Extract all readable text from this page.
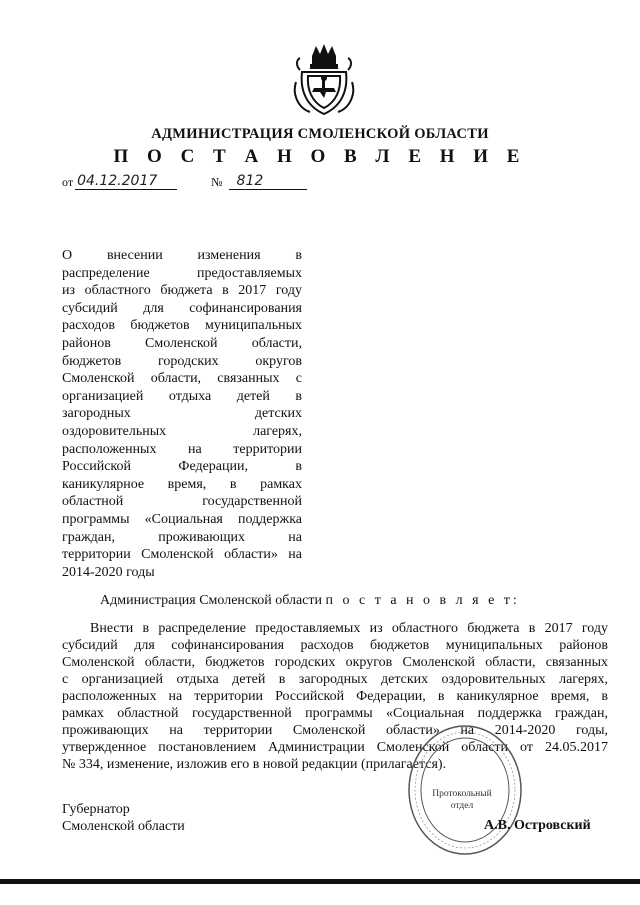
АДМИНИСТРАЦИЯ СМОЛЕНСКОЙ ОБЛАСТИ
П О С Т А Н О В Л Е Н И Е
от 04.12.2017	№	812
О внесении изменения в
распределение предоставляемых
из областного бюджета в 2017 году
субсидий для софинансирования
расходов бюджетов муниципальных
районов Смоленской области,
бюджетов городских округов
Смоленской области, связанных с
организацией отдыха детей в
загородных детских
оздоровительных лагерях,
расположенных на территории
Российской Федерации, в
каникулярное время, в рамках
областной государственной
программы «Социальная поддержка
граждан, проживающих на
территории Смоленской области» на
2014-2020 годы
Администрация Смоленской области п о с т а н о в л я е т:
Внести в распределение предоставляемых из областного бюджета в 2017 году
субсидий для софинансирования расходов бюджетов муниципальных районов
Смоленской области, бюджетов городских округов Смоленской области, связанных
с организацией отдыха детей в загородных детских оздоровительных лагерях,
расположенных на территории Российской Федерации, в каникулярное время, в
рамках областной государственной программы «Социальная поддержка граждан,
проживающих на территории Смоленской области» на 2014-2020 годы,
утвержденное постановлением Администрации Смоленской области от 24.05.2017
№ 334, изменение, изложив его в новой редакции (прилагается).
Протокольный
отдел
Губернатор
Смоленской области	А.В. Островский
